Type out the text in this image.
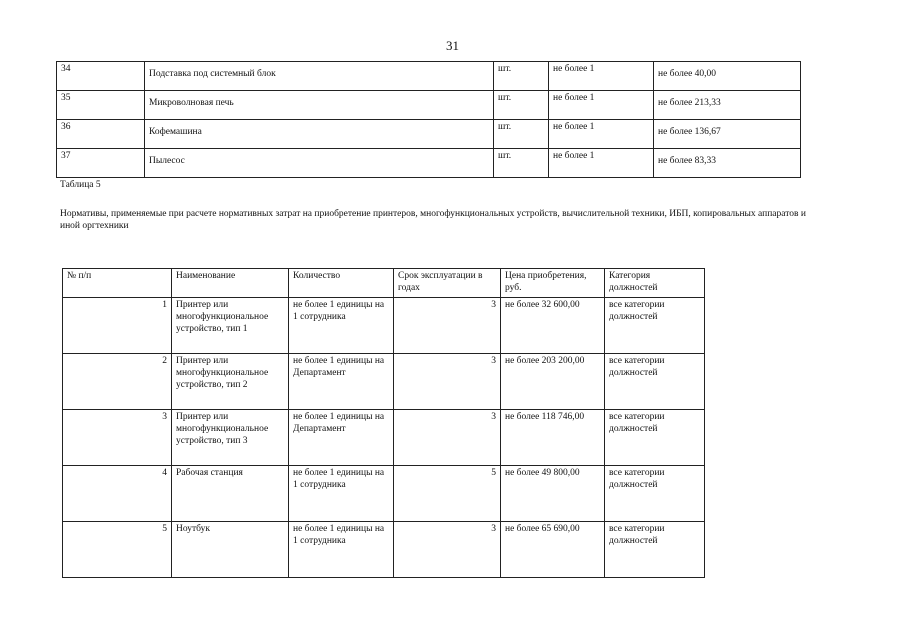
31
34	Подставка под системный блок	шт.	не более 1	не более 40,00
35	Микроволновая печь	шт.	не более 1	не более 213,33
36	Кофемашина	шт.	не более 1	не более 136,67
37	Пылесос	шт.	не более 1	не более 83,33
Таблица 5
Нормативы, применяемые при расчете нормативных затрат на приобретение принтеров, многофункциональных устройств, вычислительной техники, ИБП, копировальных аппаратов и иной оргтехники
№ п/п	Наименование	Количество	Срок эксплуатации в годах	Цена приобретения, руб.	Категория должностей
1	Принтер или многофункциональное устройство, тип 1	не более 1 единицы на 1 сотрудника	3	не более 32 600,00	все категории должностей
2	Принтер или многофункциональное устройство, тип 2	не более 1 единицы на Департамент	3	не более 203 200,00	все категории должностей
3	Принтер или многофункциональное устройство, тип 3	не более 1 единицы на Департамент	3	не более 118 746,00	все категории должностей
4	Рабочая станция	не более 1 единицы на 1 сотрудника	5	не более 49 800,00	все категории должностей
5	Ноутбук	не более 1 единицы на 1 сотрудника	3	не более 65 690,00	все категории должностей
